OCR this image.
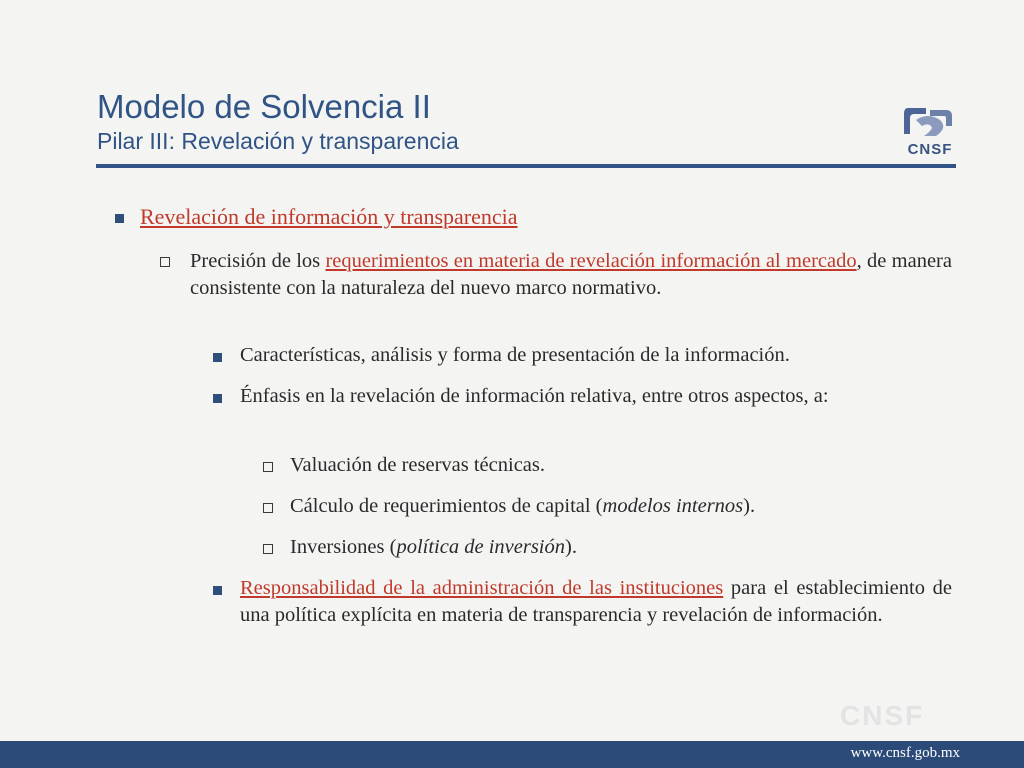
Modelo de Solvencia II
Pilar III: Revelación y transparencia	CNSF
Revelación de información y transparencia
Precisión de los requerimientos en materia de revelación información al mercado, de manera consistente con la naturaleza del nuevo marco normativo.
Características, análisis y forma de presentación de la información.
Énfasis en la revelación de información relativa, entre otros aspectos, a:
Valuación de reservas técnicas.
Cálculo de requerimientos de capital (modelos internos).
Inversiones (política de inversión).
Responsabilidad de la administración de las instituciones para el establecimiento de una política explícita en materia de transparencia y revelación de información.
CNSF
www.cnsf.gob.mx
